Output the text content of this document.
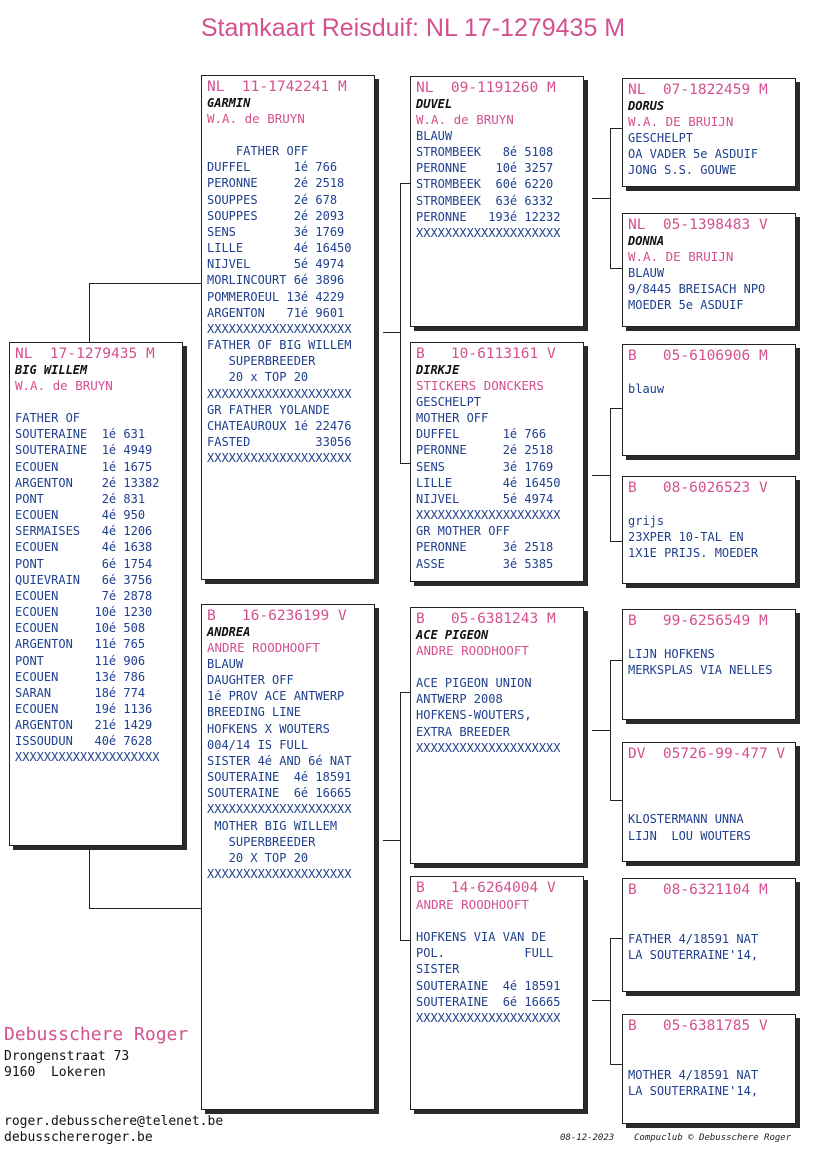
Stamkaart Reisduif: NL 17-1279435 M
NL  17-1279435 M
BIG WILLEM
W.A. de BRUYN

FATHER OF
SOUTERAINE  1é 631
SOUTERAINE  1é 4949
ECOUEN      1é 1675
ARGENTON    2é 13382
PONT        2é 831
ECOUEN      4é 950
SERMAISES   4é 1206
ECOUEN      4é 1638
PONT        6é 1754
QUIEVRAIN   6é 3756
ECOUEN      7é 2878
ECOUEN     10é 1230
ECOUEN     10é 508
ARGENTON   11é 765
PONT       11é 906
ECOUEN     13é 786
SARAN      18é 774
ECOUEN     19é 1136
ARGENTON   21é 1429
ISSOUDUN   40é 7628
XXXXXXXXXXXXXXXXXXXX
NL  11-1742241 M
GARMIN
W.A. de BRUYN

FATHER OFF
DUFFEL      1é 766
PERONNE     2é 2518
SOUPPES     2é 678
SOUPPES     2é 2093
SENS        3é 1769
LILLE       4é 16450
NIJVEL      5é 4974
MORLINCOURT 6é 3896
POMMEROEUL 13é 4229
ARGENTON   71é 9601
XXXXXXXXXXXXXXXXXXXX
FATHER OF BIG WILLEM
SUPERBREEDER
20 x TOP 20
XXXXXXXXXXXXXXXXXXXX
GR FATHER YOLANDE
CHATEAUROUX 1é 22476
FASTED         33056
XXXXXXXXXXXXXXXXXXXX
B   16-6236199 V
ANDREA
ANDRE ROODHOOFT
BLAUW
DAUGHTER OFF
1é PROV ACE ANTWERP
BREEDING LINE
HOFKENS X WOUTERS
004/14 IS FULL
SISTER 4é AND 6é NAT
SOUTERAINE  4é 18591
SOUTERAINE  6é 16665
XXXXXXXXXXXXXXXXXXXX
MOTHER BIG WILLEM
SUPERBREEDER
20 X TOP 20
XXXXXXXXXXXXXXXXXXXX
NL  09-1191260 M
DUVEL
W.A. de BRUYN
BLAUW
STROMBEEK   8é 5108
PERONNE    10é 3257
STROMBEEK  60é 6220
STROMBEEK  63é 6332
PERONNE   193é 12232
XXXXXXXXXXXXXXXXXXXX
B   10-6113161 V
DIRKJE
STICKERS DONCKERS
GESCHELPT
MOTHER OFF
DUFFEL      1é 766
PERONNE     2é 2518
SENS        3é 1769
LILLE       4é 16450
NIJVEL      5é 4974
XXXXXXXXXXXXXXXXXXXX
GR MOTHER OFF
PERONNE     3é 2518
ASSE        3é 5385
B   05-6381243 M
ACE PIGEON
ANDRE ROODHOOFT

ACE PIGEON UNION
ANTWERP 2008
HOFKENS-WOUTERS,
EXTRA BREEDER
XXXXXXXXXXXXXXXXXXXX
B   14-6264004 V
ANDRE ROODHOOFT

HOFKENS VIA VAN DE
POL.           FULL
SISTER
SOUTERAINE  4é 18591
SOUTERAINE  6é 16665
XXXXXXXXXXXXXXXXXXXX
NL  07-1822459 M
DORUS
W.A. DE BRUIJN
GESCHELPT
OA VADER 5e ASDUIF
JONG S.S. GOUWE
NL  05-1398483 V
DONNA
W.A. DE BRUIJN
BLAUW
9/8445 BREISACH NPO
MOEDER 5e ASDUIF
B   05-6106906 M

blauw
B   08-6026523 V

grijs
23XPER 10-TAL EN
1X1E PRIJS. MOEDER
B   99-6256549 M

LIJN HOFKENS
MERKSPLAS VIA NELLES
DV  05726-99-477 V

KLOSTERMANN UNNA
LIJN  LOU WOUTERS
B   08-6321104 M

FATHER 4/18591 NAT
LA SOUTERRAINE'14,
B   05-6381785 V

MOTHER 4/18591 NAT
LA SOUTERRAINE'14,
Debusschere Roger
Drongenstraat 73
9160  Lokeren
roger.debusschere@telenet.be
debusschereroger.be	08-12-2023 Compuclub © Debusschere Roger
